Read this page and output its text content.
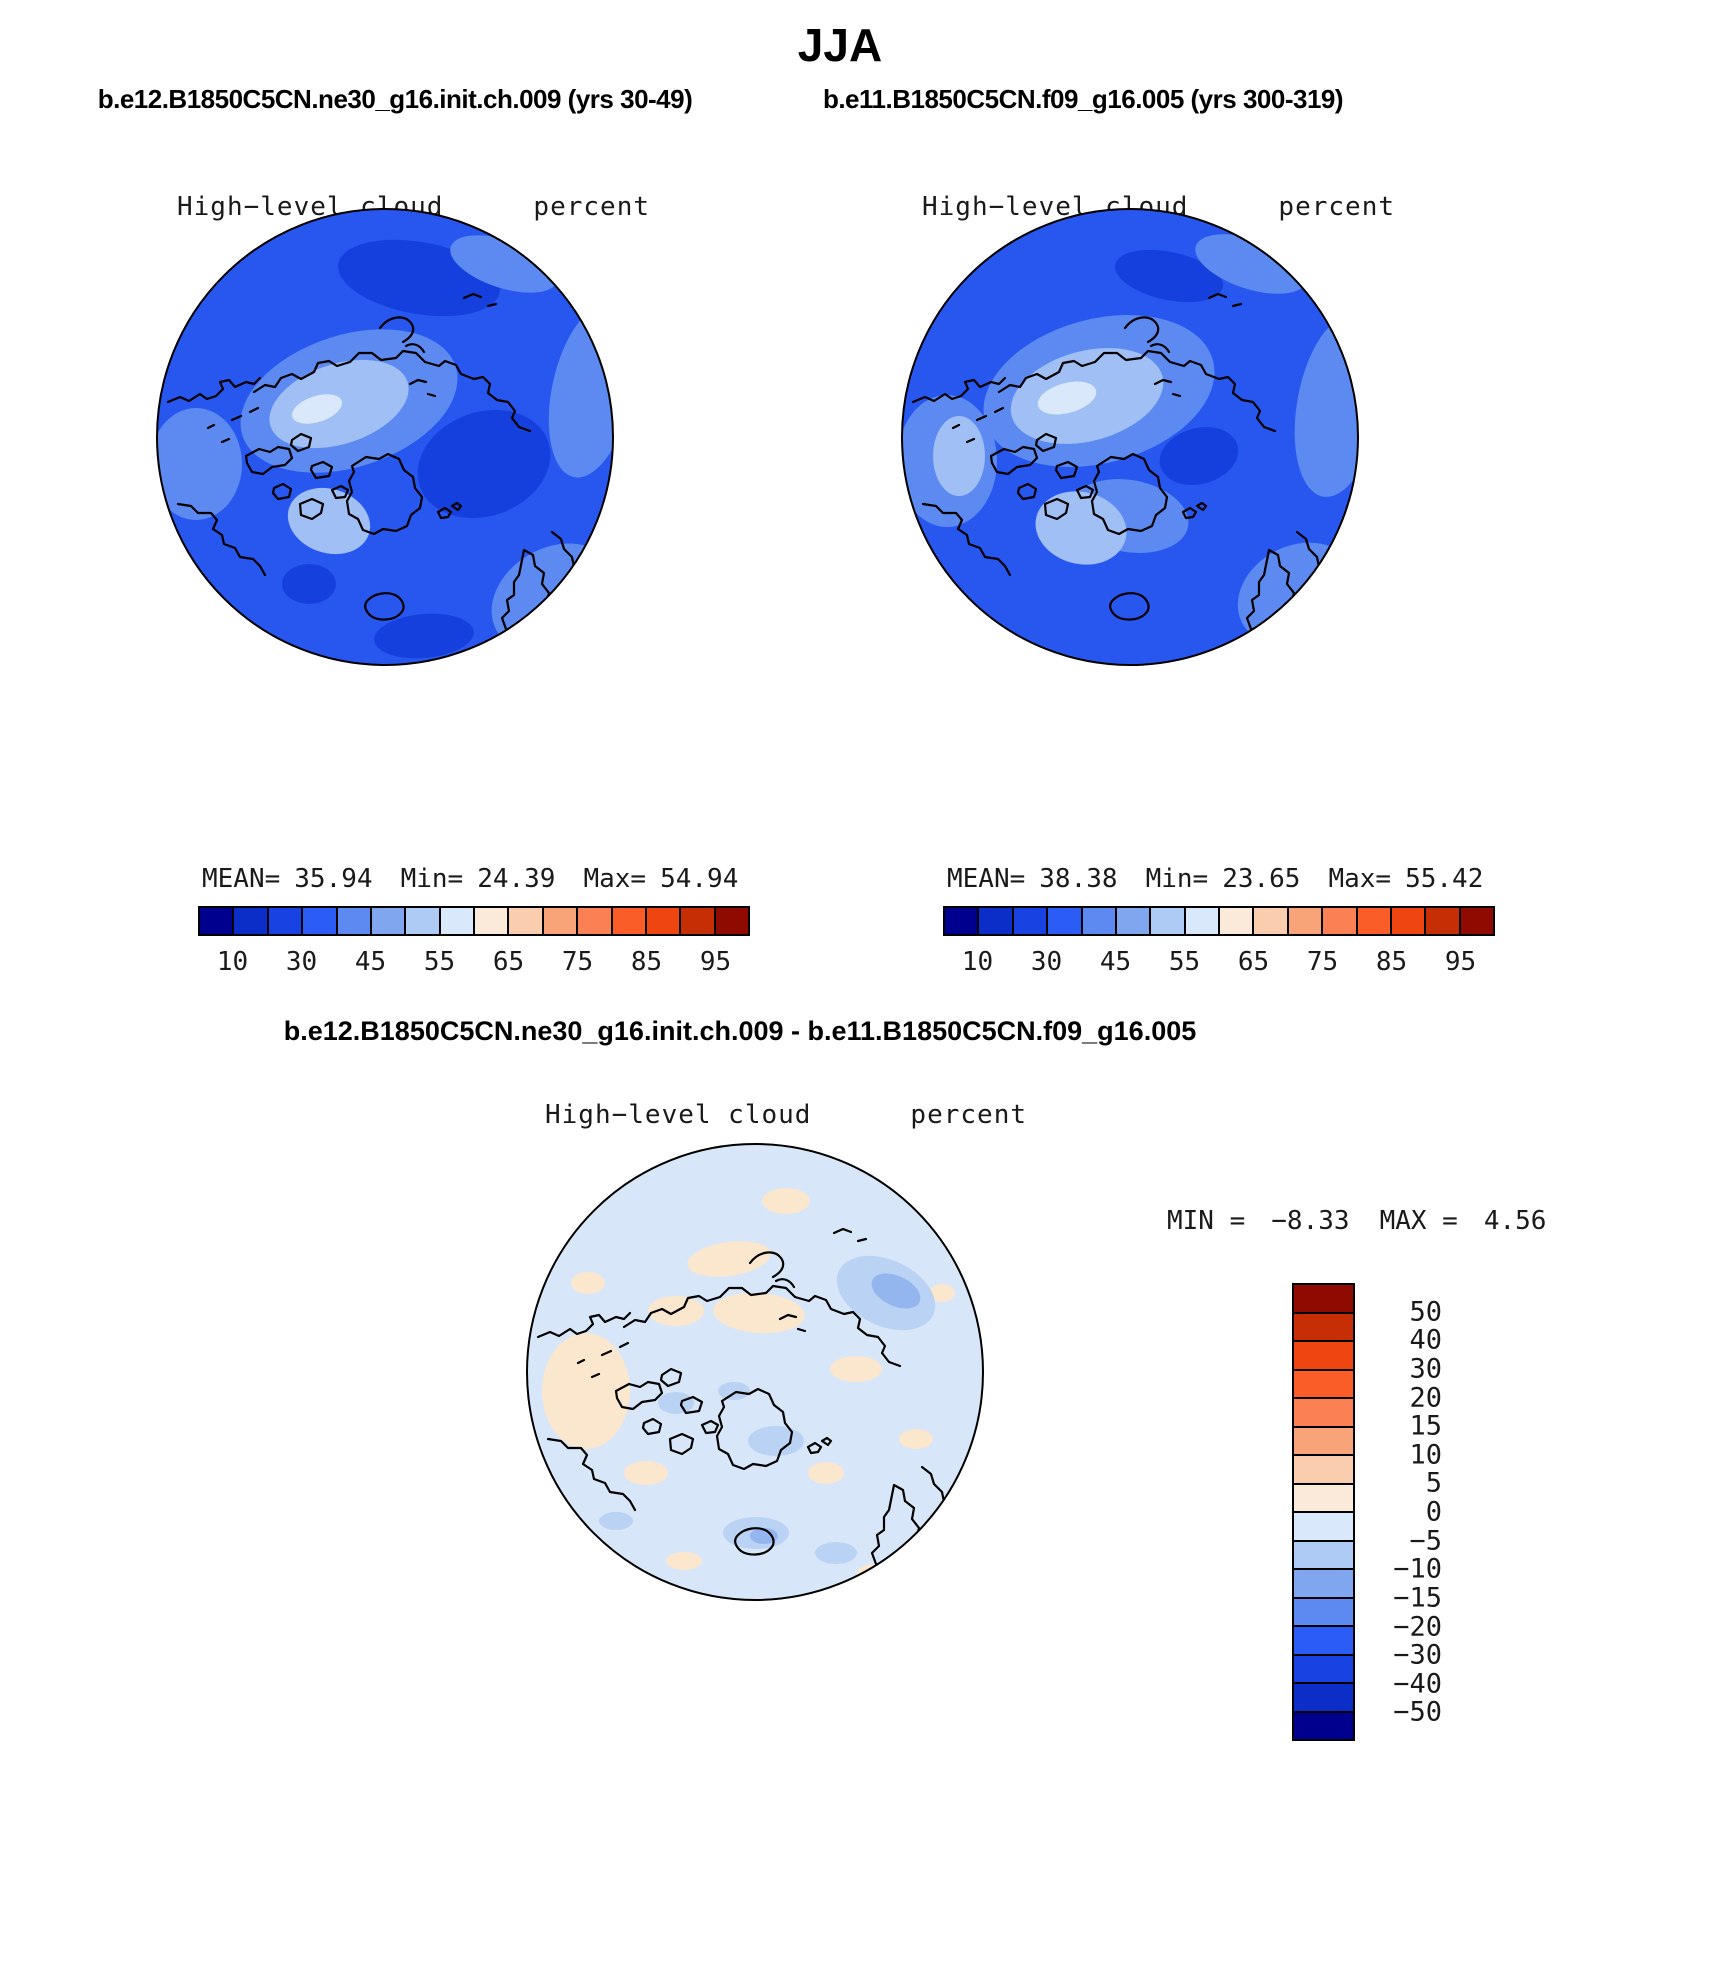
JJA
b.e12.B1850C5CN.ne30_g16.init.ch.009 (yrs 30-49)	b.e11.B1850C5CN.f09_g16.005 (yrs 300-319)
High−level cloud	percent	High−level cloud	percent
MEAN= 35.94 Min= 24.39 Max= 54.94	MEAN= 38.38 Min= 23.65 Max= 55.42
10 30 45 55 65 75 85 95	10 30 45 55 65 75 85 95
b.e12.B1850C5CN.ne30_g16.init.ch.009 - b.e11.B1850C5CN.f09_g16.005
High−level cloud	percent
MIN = −8.33 MAX = 4.56
50
40
30
20
15
10
5
0
−5
−10
−15
−20
−30
−40
−50
